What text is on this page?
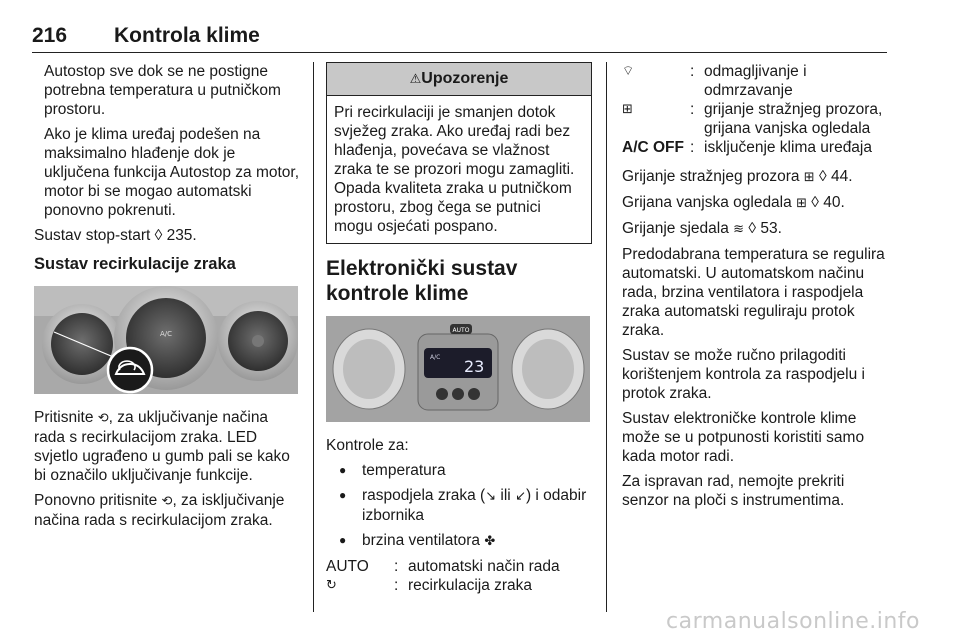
216 Kontrola klime

Autostop sve dok se ne postigne potrebna temperatura u putničkom prostoru.

Ako je klima uređaj podešen na maksimalno hlađenje dok je uključena funkcija Autostop za motor, motor bi se mogao automatski ponovno pokrenuti.

Sustav stop-start ◊ 235.

Sustav recirkulacije zraka
A/C

Pritisnite ⟲, za uključivanje načina rada s recirkulacijom zraka. LED svjetlo ugrađeno u gumb pali se kako bi označilo uključivanje funkcije.

Ponovno pritisnite ⟲, za isključivanje načina rada s recirkulacijom zraka.

⚠Upozorenje
Pri recirkulaciji je smanjen dotok svježeg zraka. Ako uređaj radi bez hlađenja, povećava se vlažnost zraka te se prozori mogu zamagliti. Opada kvaliteta zraka u putničkom prostoru, zbog čega se putnici mogu osjećati pospano.
Elektronički sustav kontrole klime
AUTO
A/C 23

Kontrole za:

● temperatura
● raspodjela zraka (↘ ili ↙) i odabir izbornika
● brzina ventilatora ✤
AUTO	: automatski način rada
↻	: recirkulacija zraka
⌔	: odmagljivanje i odmrzavanje
⊞	: grijanje stražnjeg prozora, grijana vanjska ogledala
A/C OFF : isključenje klima uređaja

Grijanje stražnjeg prozora ⊞ ◊ 44.

Grijana vanjska ogledala ⊞ ◊ 40.

Grijanje sjedala ≋ ◊ 53.

Predodabrana temperatura se regulira automatski. U automatskom načinu rada, brzina ventilatora i raspodjela zraka automatski reguliraju protok zraka.

Sustav se može ručno prilagoditi korištenjem kontrola za raspodjelu i protok zraka.

Sustav elektroničke kontrole klime može se u potpunosti koristiti samo kada motor radi.

Za ispravan rad, nemojte prekriti senzor na ploči s instrumentima.

carmanualsonline.info
